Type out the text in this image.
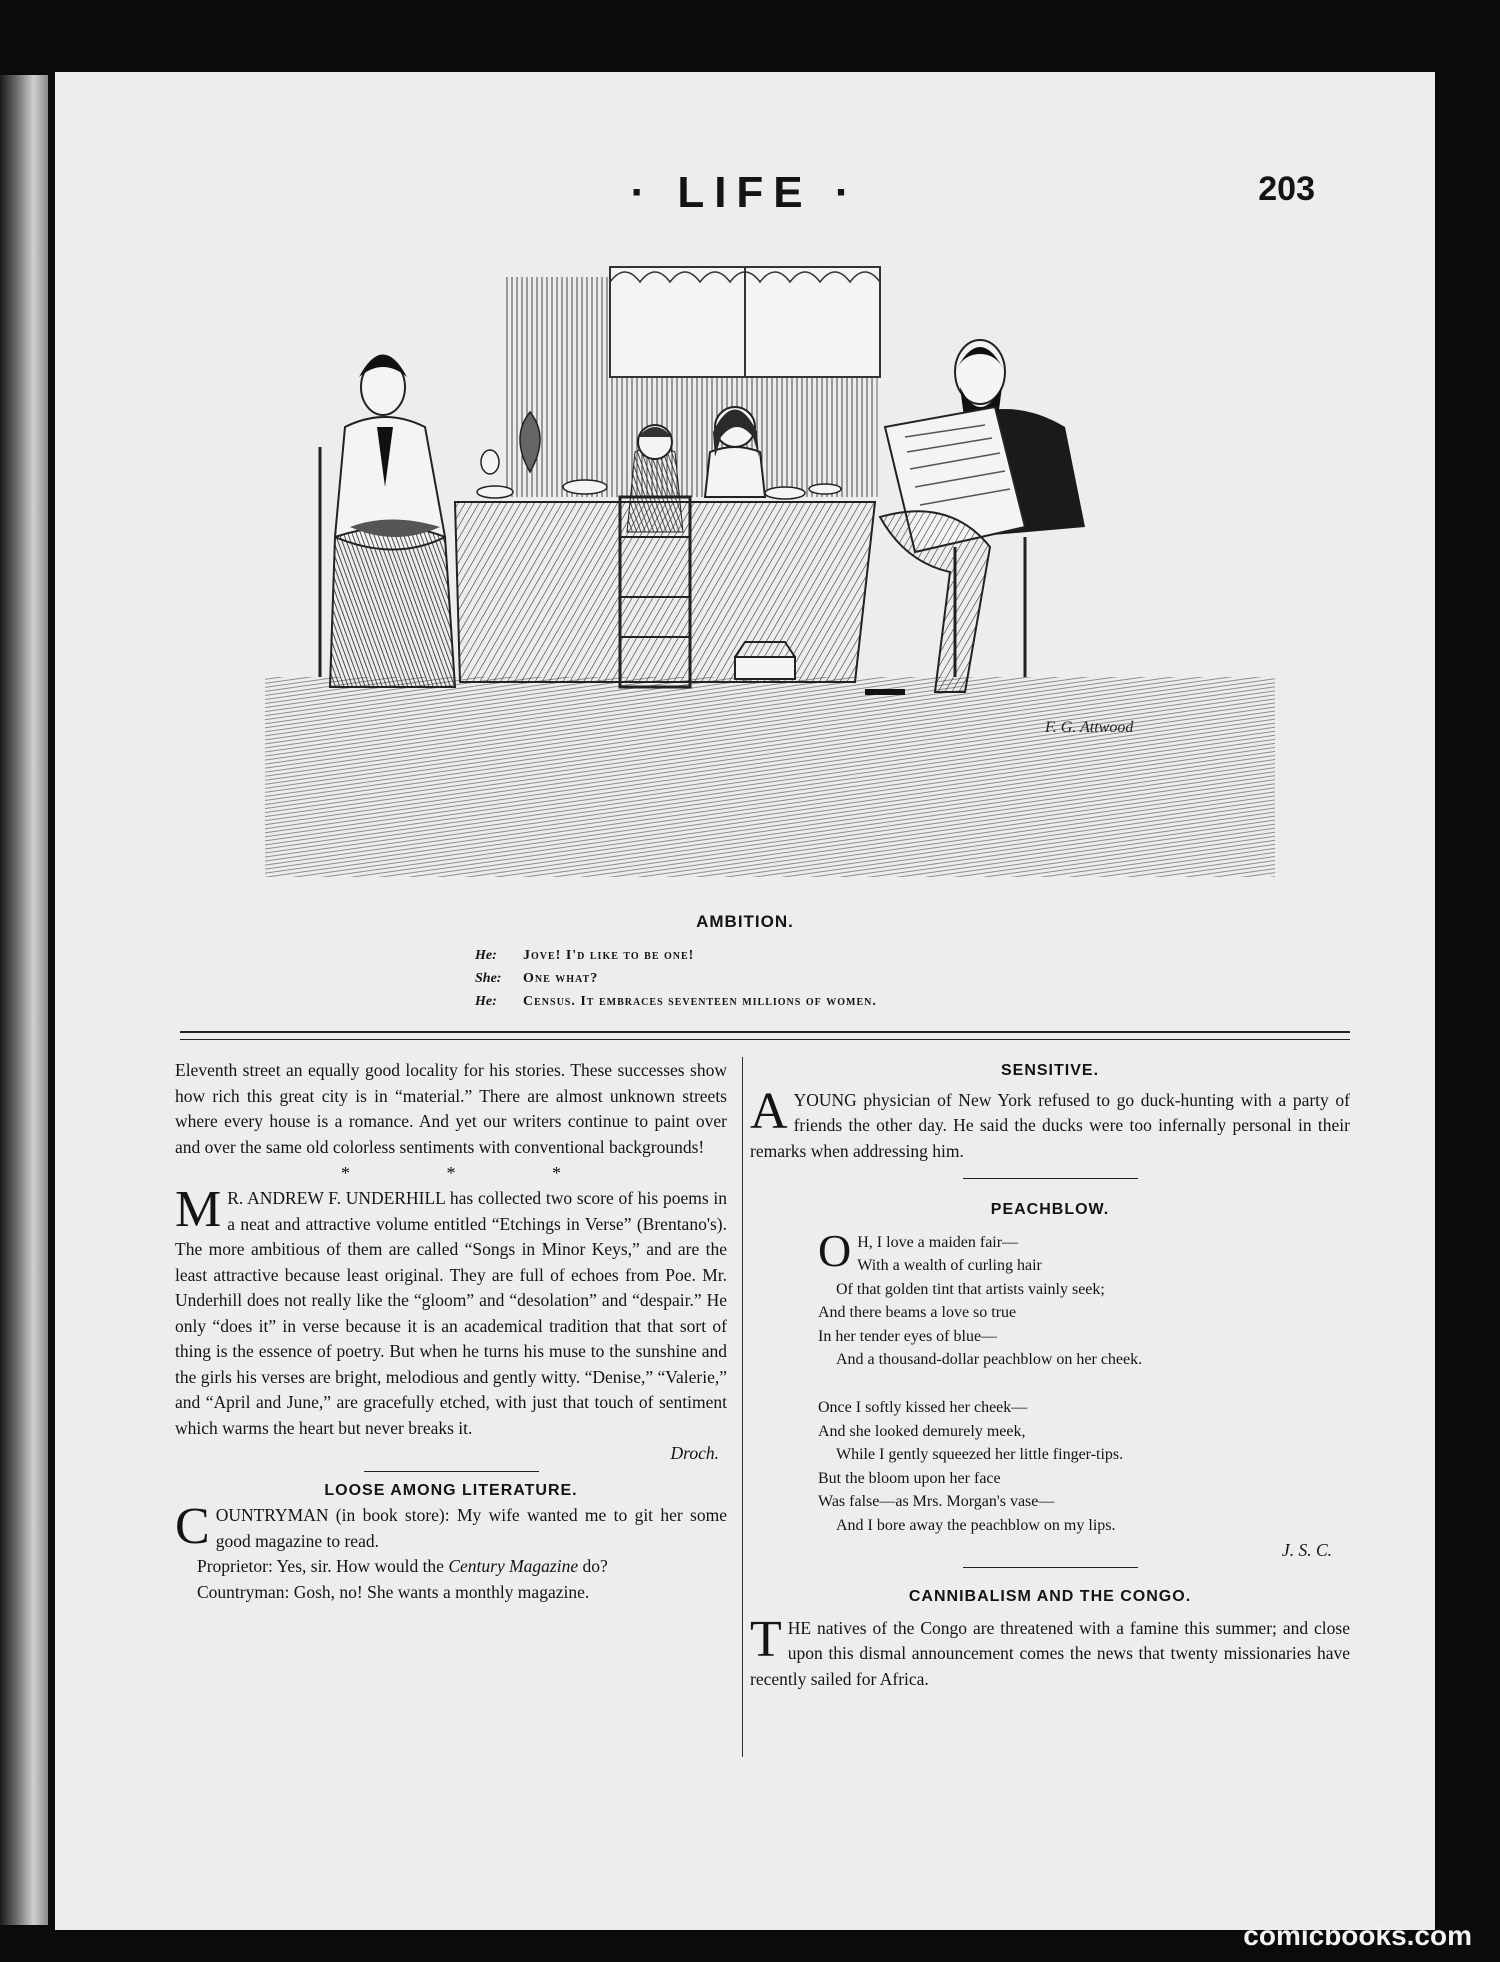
· LIFE ·	203
F. G. Attwood
AMBITION.
He: Jove! I'd like to be one!
She: One what?
He: Census. It embraces seventeen millions of women.

Eleventh street an equally good locality for his stories. These successes show how rich this great city is in “material.” There are almost unknown streets where every house is a romance. And yet our writers continue to paint over and over the same old colorless sentiments with conventional backgrounds!

* * *

M R. ANDREW F. UNDERHILL has collected two score of his poems in a neat and attractive volume entitled “Etchings in Verse” (Brentano's). The more ambitious of them are called “Songs in Minor Keys,” and are the least attractive because least original. They are full of echoes from Poe. Mr. Underhill does not really like the “gloom” and “desolation” and “despair.” He only “does it” in verse because it is an academical tradition that that sort of thing is the essence of poetry. But when he turns his muse to the sunshine and the girls his verses are bright, melodious and gently witty. “Denise,” “Valerie,” and “April and June,” are gracefully etched, with just that touch of sentiment which warms the heart but never breaks it.

Droch.

LOOSE AMONG LITERATURE.

COUNTRYMAN (in book store): My wife wanted me to git her some good magazine to read.

Proprietor: Yes, sir. How would the Century Magazine do?

Countryman: Gosh, no! She wants a monthly magazine.

SENSITIVE.

AYOUNG physician of New York refused to go duck-hunting with a party of friends the other day. He said the ducks were too infernally personal in their remarks when addressing him.

PEACHBLOW.

O H, I love a maiden fair—
With a wealth of curling hair
Of that golden tint that artists vainly seek;
And there beams a love so true
In her tender eyes of blue—
And a thousand-dollar peachblow on her cheek.
Once I softly kissed her cheek—
And she looked demurely meek,
While I gently squeezed her little finger-tips.
But the bloom upon her face
Was false—as Mrs. Morgan's vase—
And I bore away the peachblow on my lips.
J. S. C.

CANNIBALISM AND THE CONGO.

THE natives of the Congo are threatened with a famine this summer; and close upon this dismal announcement comes the news that twenty missionaries have recently sailed for Africa.

comicbooks.com
